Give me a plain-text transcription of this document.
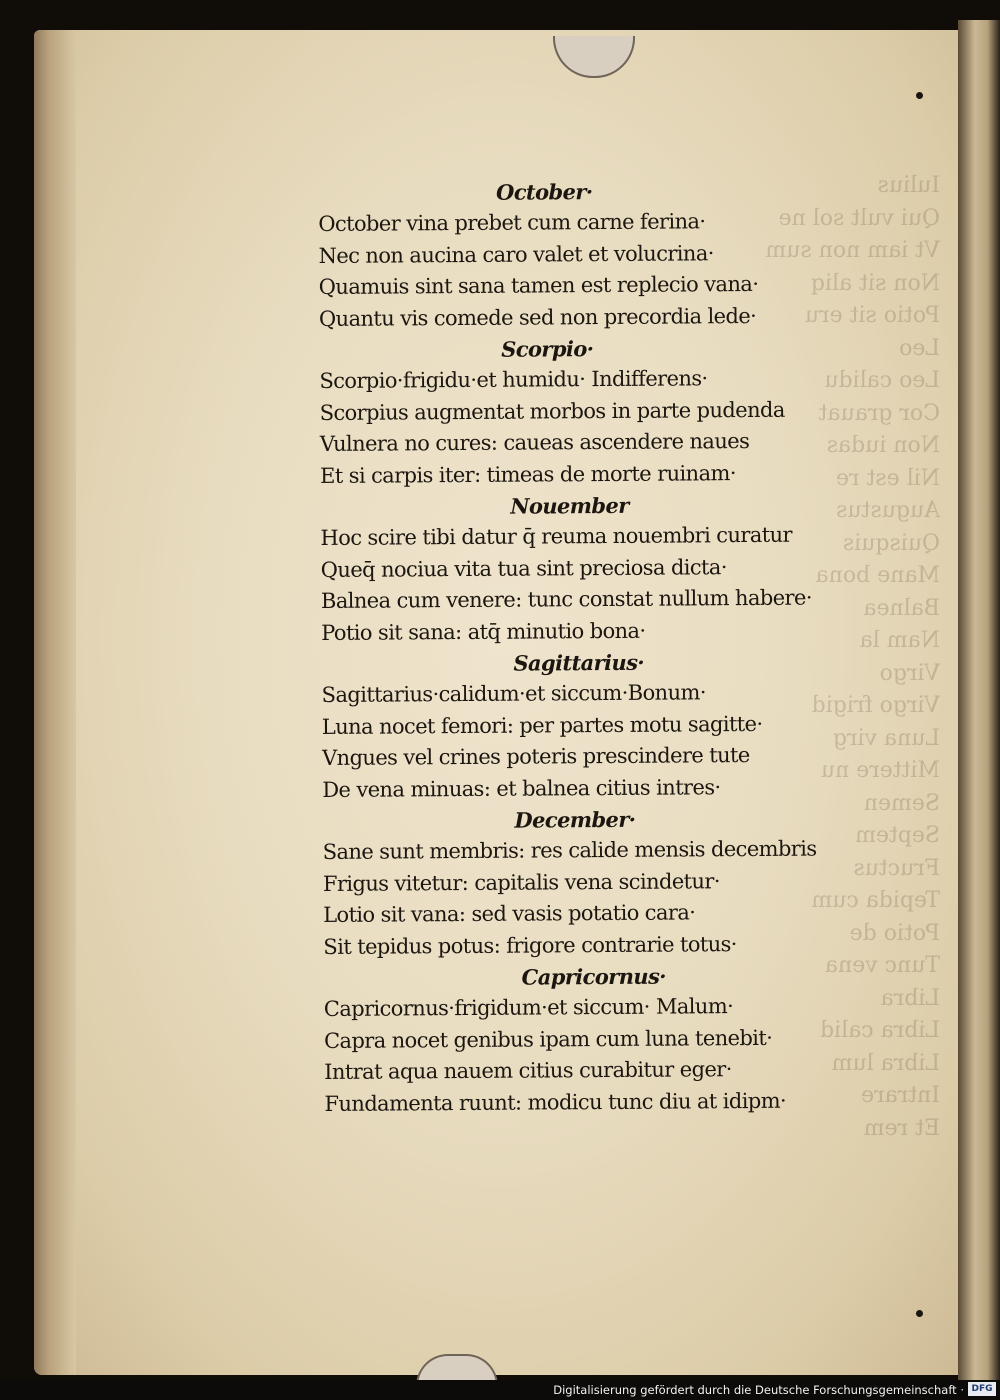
Iulius
Qui vult sol ne
Vt iam non sum
Non sit aliq
Potio sit eru
Leo
Leo calidu
Cor grauat
Non iudas
Nil est re
Augustus
Quisquis
Mane bona
Balnea
Nam la
Virgo
Virgo frigid
Luna virg
Mittere nu
Semen
Septem
Fructus
Tepida cum
Potio de
Tunc vena
Libra
Libra calid
Libra lum
Intrare
Et rem
October·
October vina prebet cum carne ferina·
Nec non aucina caro valet et volucrina·
Quamuis sint sana tamen est replecio vana·
Quantu vis comede sed non precordia lede·
Scorpio·
Scorpio·frigidu·et humidu· Indifferens·
Scorpius augmentat morbos in parte pudenda
Vulnera no cures: caueas ascendere naues
Et si carpis iter: timeas de morte ruinam·
Nouember
Hoc scire tibi datur q̄ reuma nouembri curatur
Queq̄ nociua vita tua sint preciosa dicta·
Balnea cum venere: tunc constat nullum habere·
Potio sit sana: atq̄ minutio bona·
Sagittarius·
Sagittarius·calidum·et siccum·Bonum·
Luna nocet femori: per partes motu sagitte·
Vngues vel crines poteris prescindere tute
De vena minuas: et balnea citius intres·
December·
Sane sunt membris: res calide mensis decembris
Frigus vitetur: capitalis vena scindetur·
Lotio sit vana: sed vasis potatio cara·
Sit tepidus potus: frigore contrarie totus·
Capricornus·
Capricornus·frigidum·et siccum· Malum·
Capra nocet genibus ipam cum luna tenebit·
Intrat aqua nauem citius curabitur eger·
Fundamenta ruunt: modicu tunc diu at idipm·
Digitalisierung gefördert durch die Deutsche Forschungsgemeinschaft · DFG
